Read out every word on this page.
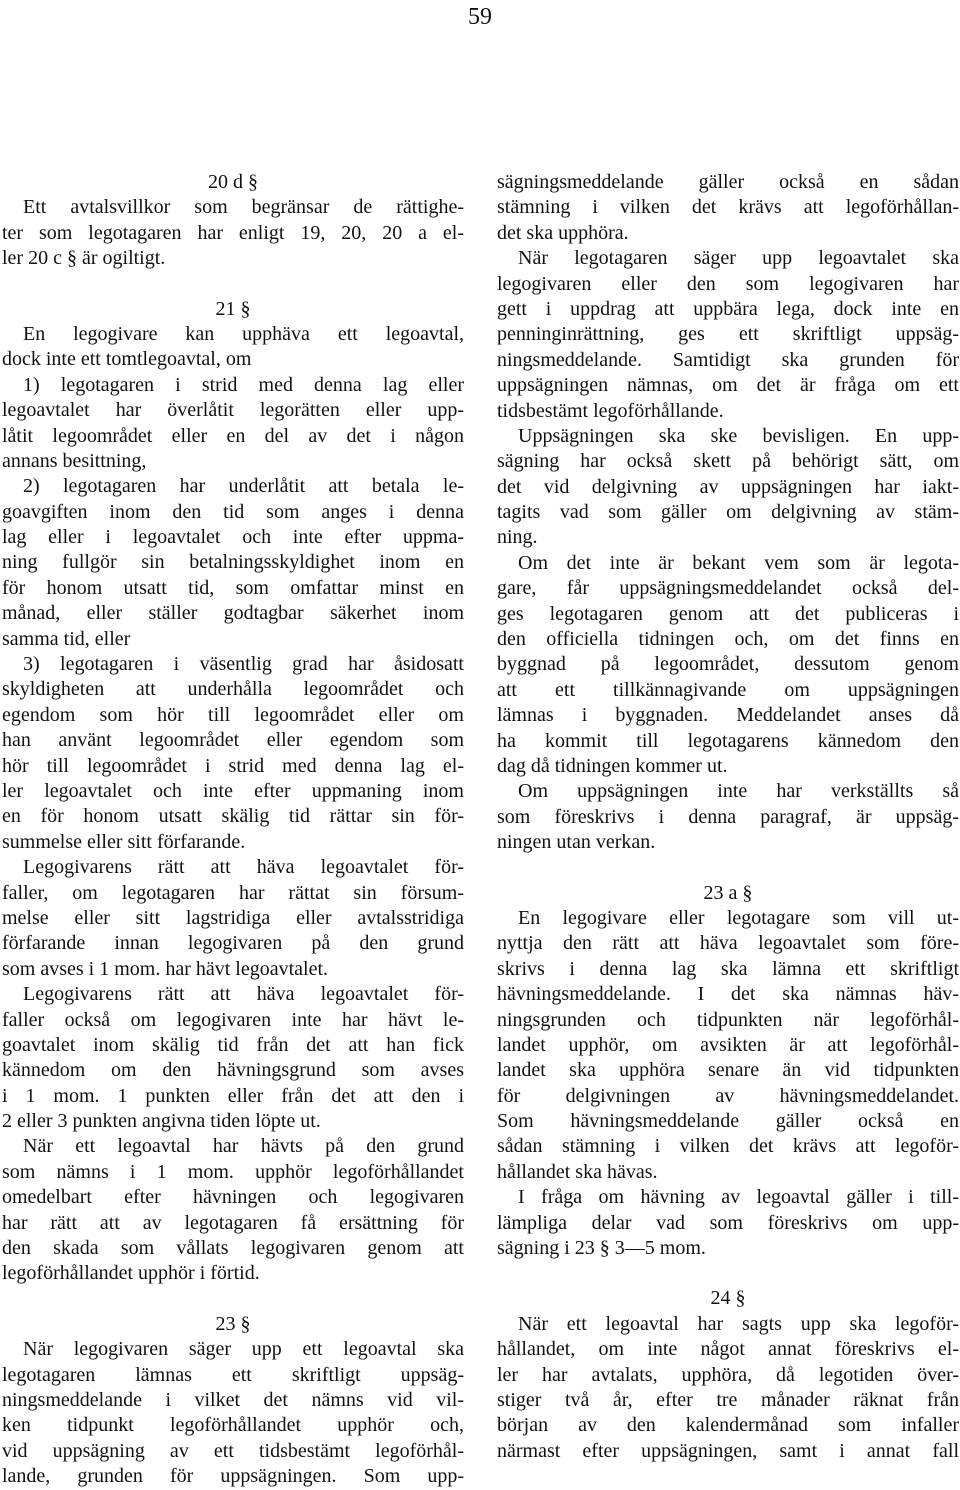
59
20 d §
Ett avtalsvillkor som begränsar de rättighe-
ter som legotagaren har enligt 19, 20, 20 a el-
ler 20 c § är ogiltigt.
21 §
En legogivare kan upphäva ett legoavtal,
dock inte ett tomtlegoavtal, om
1) legotagaren i strid med denna lag eller
legoavtalet har överlåtit legorätten eller upp-
låtit legoområdet eller en del av det i någon
annans besittning,
2) legotagaren har underlåtit att betala le-
goavgiften inom den tid som anges i denna
lag eller i legoavtalet och inte efter uppma-
ning fullgör sin betalningsskyldighet inom en
för honom utsatt tid, som omfattar minst en
månad, eller ställer godtagbar säkerhet inom
samma tid, eller
3) legotagaren i väsentlig grad har åsidosatt
skyldigheten att underhålla legoområdet och
egendom som hör till legoområdet eller om
han använt legoområdet eller egendom som
hör till legoområdet i strid med denna lag el-
ler legoavtalet och inte efter uppmaning inom
en för honom utsatt skälig tid rättar sin för-
summelse eller sitt förfarande.
Legogivarens rätt att häva legoavtalet för-
faller, om legotagaren har rättat sin försum-
melse eller sitt lagstridiga eller avtalsstridiga
förfarande innan legogivaren på den grund
som avses i 1 mom. har hävt legoavtalet.
Legogivarens rätt att häva legoavtalet för-
faller också om legogivaren inte har hävt le-
goavtalet inom skälig tid från det att han fick
kännedom om den hävningsgrund som avses
i 1 mom. 1 punkten eller från det att den i
2 eller 3 punkten angivna tiden löpte ut.
När ett legoavtal har hävts på den grund
som nämns i 1 mom. upphör legoförhållandet
omedelbart efter hävningen och legogivaren
har rätt att av legotagaren få ersättning för
den skada som vållats legogivaren genom att
legoförhållandet upphör i förtid.
23 §
När legogivaren säger upp ett legoavtal ska
legotagaren lämnas ett skriftligt uppsäg-
ningsmeddelande i vilket det nämns vid vil-
ken tidpunkt legoförhållandet upphör och,
vid uppsägning av ett tidsbestämt legoförhål-
lande, grunden för uppsägningen. Som upp-
sägningsmeddelande gäller också en sådan
stämning i vilken det krävs att legoförhållan-
det ska upphöra.
När legotagaren säger upp legoavtalet ska
legogivaren eller den som legogivaren har
gett i uppdrag att uppbära lega, dock inte en
penninginrättning, ges ett skriftligt uppsäg-
ningsmeddelande. Samtidigt ska grunden för
uppsägningen nämnas, om det är fråga om ett
tidsbestämt legoförhållande.
Uppsägningen ska ske bevisligen. En upp-
sägning har också skett på behörigt sätt, om
det vid delgivning av uppsägningen har iakt-
tagits vad som gäller om delgivning av stäm-
ning.
Om det inte är bekant vem som är legota-
gare, får uppsägningsmeddelandet också del-
ges legotagaren genom att det publiceras i
den officiella tidningen och, om det finns en
byggnad på legoområdet, dessutom genom
att ett tillkännagivande om uppsägningen
lämnas i byggnaden. Meddelandet anses då
ha kommit till legotagarens kännedom den
dag då tidningen kommer ut.
Om uppsägningen inte har verkställts så
som föreskrivs i denna paragraf, är uppsäg-
ningen utan verkan.
23 a §
En legogivare eller legotagare som vill ut-
nyttja den rätt att häva legoavtalet som före-
skrivs i denna lag ska lämna ett skriftligt
hävningsmeddelande. I det ska nämnas häv-
ningsgrunden och tidpunkten när legoförhål-
landet upphör, om avsikten är att legoförhål-
landet ska upphöra senare än vid tidpunkten
för delgivningen av hävningsmeddelandet.
Som hävningsmeddelande gäller också en
sådan stämning i vilken det krävs att legoför-
hållandet ska hävas.
I fråga om hävning av legoavtal gäller i till-
lämpliga delar vad som föreskrivs om upp-
sägning i 23 § 3—5 mom.
24 §
När ett legoavtal har sagts upp ska legoför-
hållandet, om inte något annat föreskrivs el-
ler har avtalats, upphöra, då legotiden över-
stiger två år, efter tre månader räknat från
början av den kalendermånad som infaller
närmast efter uppsägningen, samt i annat fall
